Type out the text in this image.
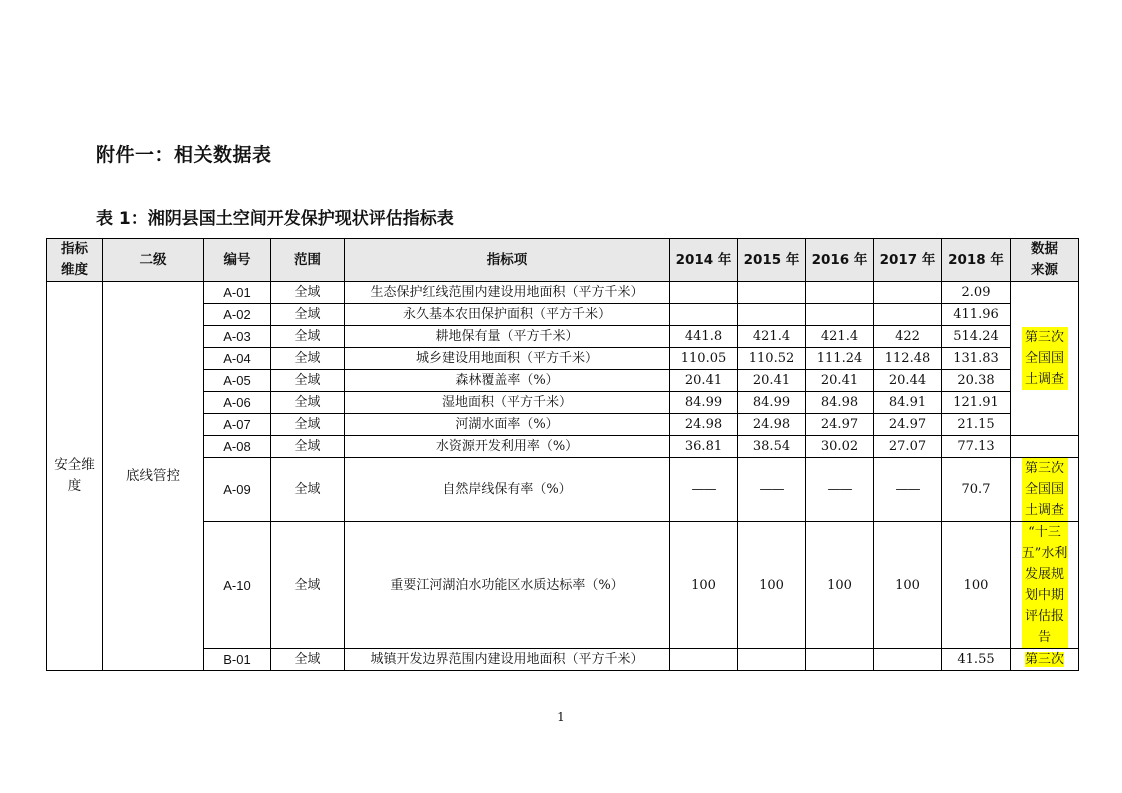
附件一：相关数据表
表 1：湘阴县国土空间开发保护现状评估指标表
指标维度	二级	编号	范围	指标项	2014 年	2015 年	2016 年	2017 年	2018 年	数据来源
安全维度	底线管控	A-01	全域	生态保护红线范围内建设用地面积（平方千米）					2.09	第三次全国国土调查
		A-02	全域	永久基本农田保护面积（平方千米）					411.96	
		A-03	全域	耕地保有量（平方千米）	441.8	421.4	421.4	422	514.24	
		A-04	全域	城乡建设用地面积（平方千米）	110.05	110.52	111.24	112.48	131.83	
		A-05	全域	森林覆盖率（%）	20.41	20.41	20.41	20.44	20.38	
		A-06	全域	湿地面积（平方千米）	84.99	84.99	84.98	84.91	121.91	
		A-07	全域	河湖水面率（%）	24.98	24.98	24.97	24.97	21.15	
		A-08	全域	水资源开发利用率（%）	36.81	38.54	30.02	27.07	77.13	
		A-09	全域	自然岸线保有率（%）	——	——	——	——	70.7	第三次全国国土调查
		A-10	全域	重要江河湖泊水功能区水质达标率（%）	100	100	100	100	100	“十三五”水利发展规划中期评估报告
		B-01	全域	城镇开发边界范围内建设用地面积（平方千米）					41.55	第三次
1
